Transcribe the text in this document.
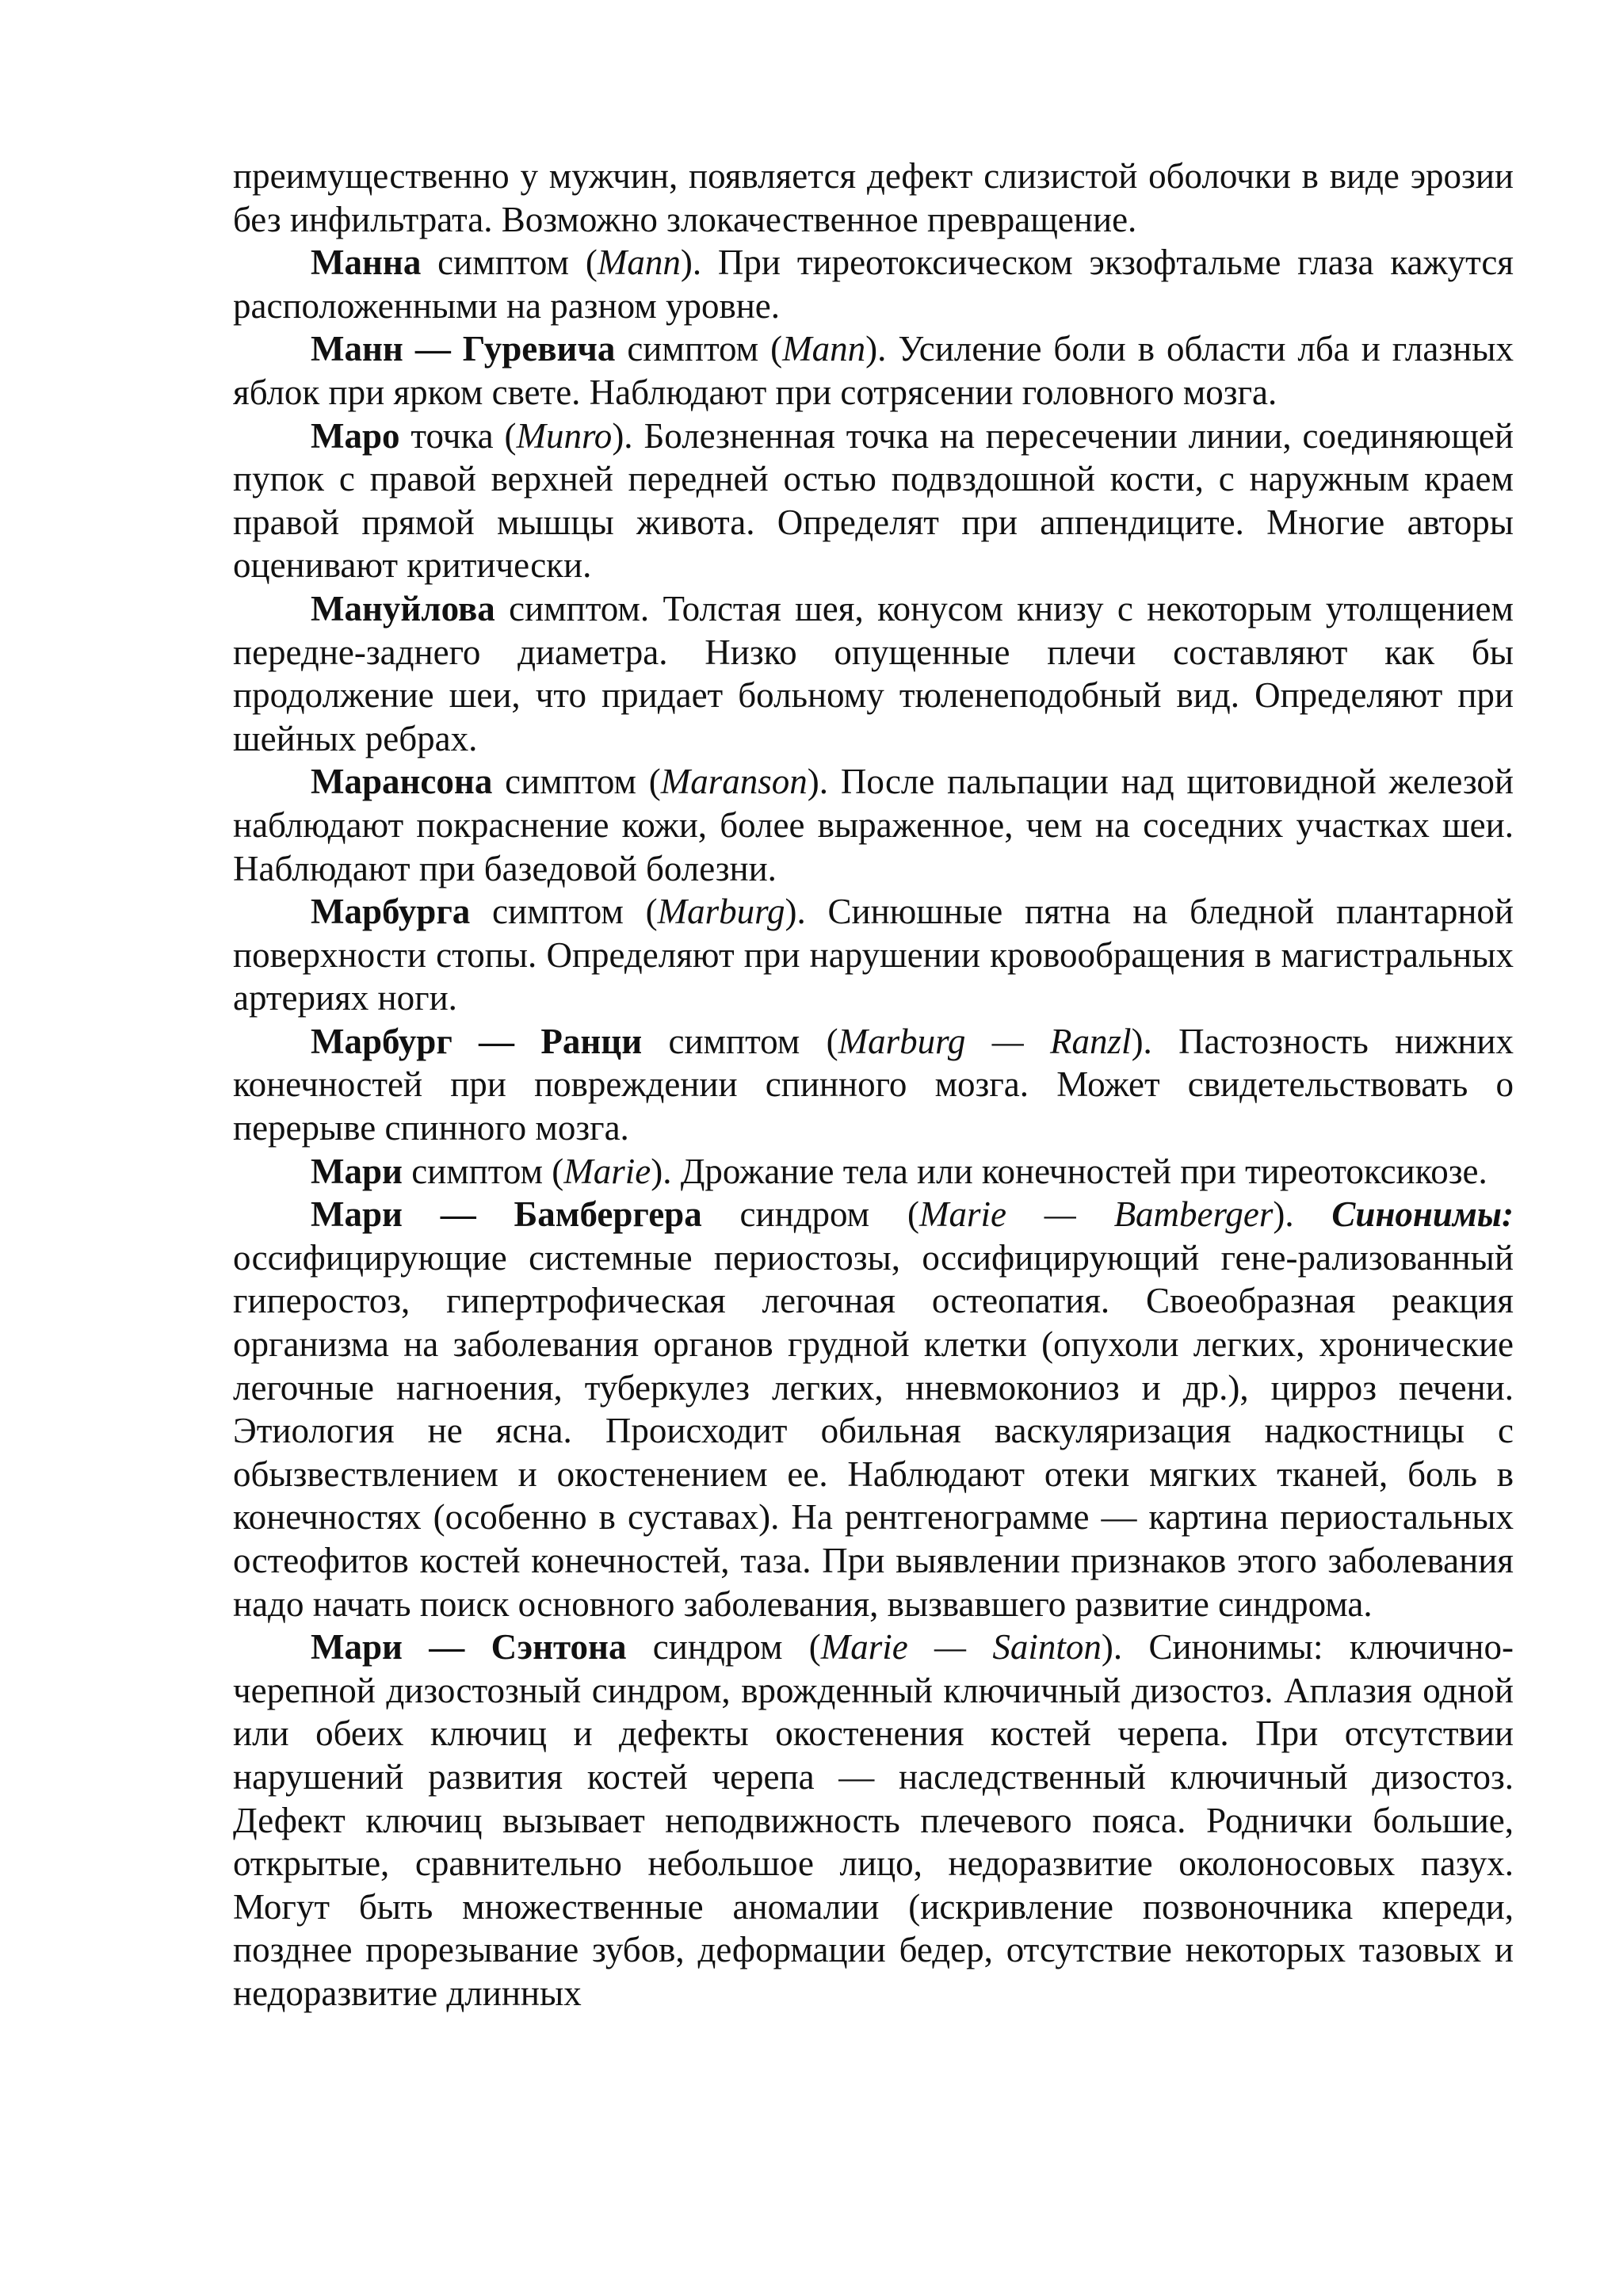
преимущественно у мужчин, появляется дефект слизистой оболочки в виде эрозии без инфильтрата. Возможно злокачественное превращение.

Манна симптом (Mann). При тиреотоксическом экзофтальме глаза кажутся расположенными на разном уровне.

Манн — Гуревича симптом (Mann). Усиление боли в области лба и глазных яблок при ярком свете. Наблюдают при сотрясении головного мозга.

Маро точка (Munro). Болезненная точка на пересечении линии, соединяющей пупок с правой верхней передней остью подвздошной кости, с наружным краем правой прямой мышцы живота. Определят при аппендиците. Многие авторы оценивают критически.

Мануйлова симптом. Толстая шея, конусом книзу с некоторым утолщением передне-заднего диаметра. Низко опущенные плечи составляют как бы продолжение шеи, что придает больному тюленеподобный вид. Определяют при шейных ребрах.

Марансона симптом (Maranson). После пальпации над щитовидной железой наблюдают покраснение кожи, более выраженное, чем на соседних участках шеи. Наблюдают при базедовой болезни.

Марбурга симптом (Marburg). Синюшные пятна на бледной плантарной поверхности стопы. Определяют при нарушении кровообращения в магистральных артериях ноги.

Марбург — Ранци симптом (Marburg — Ranzl). Пастозность нижних конечностей при повреждении спинного мозга. Может свидетельствовать о перерыве спинного мозга.

Мари симптом (Marie). Дрожание тела или конечностей при тиреотоксикозе.

Мари — Бамбергера синдром (Marie — Bamberger). Синонимы: оссифицирующие системные периостозы, оссифицирующий гене-рализованный гиперостоз, гипертрофическая легочная остеопатия. Своеобразная реакция организма на заболевания органов грудной клетки (опухоли легких, хронические легочные нагноения, туберкулез легких, нневмокониоз и др.), цирроз печени. Этиология не ясна. Происходит обильная васкуляризация надкостницы с обызвествлением и окостенением ее. Наблюдают отеки мягких тканей, боль в конечностях (особенно в суставах). На рентгенограмме — картина периостальных остеофитов костей конечностей, таза. При выявлении признаков этого заболевания надо начать поиск основного заболевания, вызвавшего развитие синдрома.

Мари — Сэнтона синдром (Marie — Sainton). Синонимы: ключично-черепной дизостозный синдром, врожденный ключичный дизостоз. Аплазия одной или обеих ключиц и дефекты окостенения костей черепа. При отсутствии нарушений развития костей черепа — наследственный ключичный дизостоз. Дефект ключиц вызывает неподвижность плечевого пояса. Роднички большие, открытые, сравнительно небольшое лицо, недоразвитие околоносовых пазух. Могут быть множественные аномалии (искривление позвоночника кпереди, позднее прорезывание зубов, деформации бедер, отсутствие некоторых тазовых и недоразвитие длинных
